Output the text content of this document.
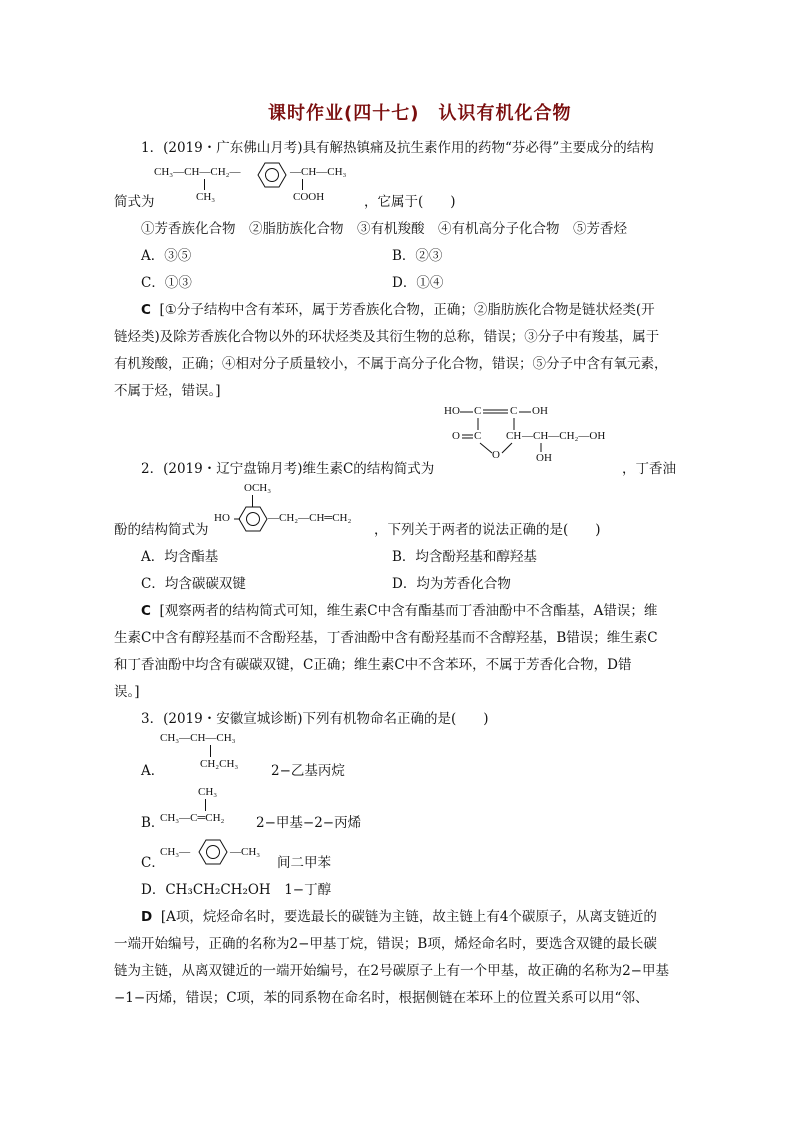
课时作业(四十七)　认识有机化合物
1．(2019・广东佛山月考)具有解热镇痛及抗生素作用的药物“芬必得”主要成分的结构
CH₃—CH—CH₂—
CH₃
—CH—CH₃
COOH
简式为	，它属于(　　)
①芳香族化合物　②脂肪族化合物　③有机羧酸　④有机高分子化合物　⑤芳香烃
A．③⑤	B．②③
C．①③	D．①④
C [①分子结构中含有苯环，属于芳香族化合物，正确；②脂肪族化合物是链状烃类(开
链烃类)及除芳香族化合物以外的环状烃类及其衍生物的总称，错误；③分子中有羧基，属于
有机羧酸，正确；④相对分子质量较小，不属于高分子化合物，错误；⑤分子中含有氧元素，
不属于烃，错误。]
HO C	C OH
O C CH —CH—CH₂—OH
O	OH
2．(2019・辽宁盘锦月考)维生素C的结构简式为	，丁香油
OCH₃
HO	—CH₂—CH═CH₂
酚的结构简式为	，下列关于两者的说法正确的是(　　)
A．均含酯基	B．均含酚羟基和醇羟基
C．均含碳碳双键	D．均为芳香化合物
C [观察两者的结构简式可知，维生素C中含有酯基而丁香油酚中不含酯基，A错误；维
生素C中含有醇羟基而不含酚羟基，丁香油酚中含有酚羟基而不含醇羟基，B错误；维生素C
和丁香油酚中均含有碳碳双键，C正确；维生素C中不含苯环，不属于芳香化合物，D错
误。]
3．(2019・安徽宣城诊断)下列有机物命名正确的是(　　)
CH₃—CH—CH₃
CH₂CH₃
A．	2−乙基丙烷
CH₃
CH₃—C═CH₂
B．	2−甲基−2−丙烯
CH₃—	—CH₃
C．	间二甲苯
D．CH₃CH₂CH₂OH　1−丁醇
D [A项，烷烃命名时，要选最长的碳链为主链，故主链上有4个碳原子，从离支链近的
一端开始编号，正确的名称为2−甲基丁烷，错误；B项，烯烃命名时，要选含双键的最长碳
链为主链，从离双键近的一端开始编号，在2号碳原子上有一个甲基，故正确的名称为2−甲基
−1−丙烯，错误；C项，苯的同系物在命名时，根据侧链在苯环上的位置关系可以用“邻、
